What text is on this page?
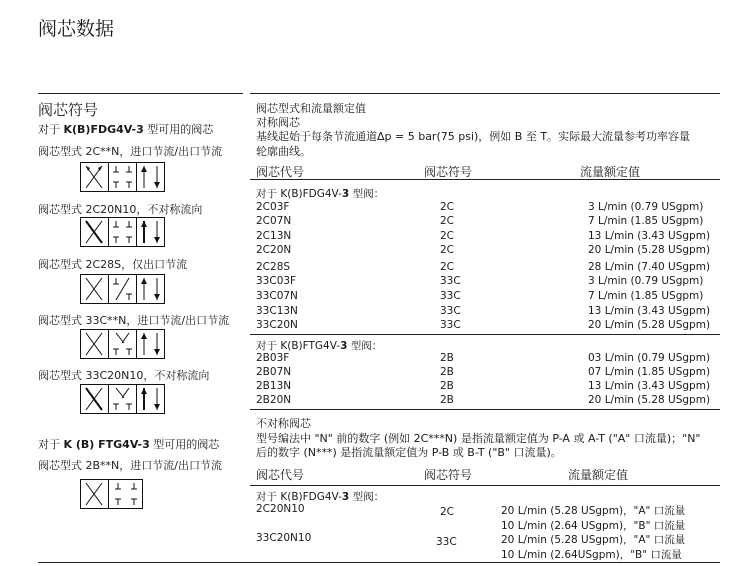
阀芯数据
阀芯符号
对于 K(B)FDG4V-3 型可用的阀芯
阀芯型式 2C**N，进口节流/出口节流
阀芯型式 2C20N10，不对称流向
阀芯型式 2C28S，仅出口节流
阀芯型式 33C**N，进口节流/出口节流
阀芯型式 33C20N10，不对称流向
对于 K (B) FTG4V-3 型可用的阀芯
阀芯型式 2B**N，进口节流/出口节流
阀芯型式和流量额定值
对称阀芯
基线起始于每条节流通道Δp = 5 bar(75 psi)，例如 B 至 T。实际最大流量参考功率容量
轮廓曲线。
阀芯代号	阀芯符号	流量额定值
对于 K(B)FDG4V-3 型阀：
2C03F	2C	3 L/min (0.79 USgpm)
2C07N	2C	7 L/min (1.85 USgpm)
2C13N	2C	13 L/min (3.43 USgpm)
2C20N	2C	20 L/min (5.28 USgpm)
2C28S	2C	28 L/min (7.40 USgpm)
33C03F	33C	3 L/min (0.79 USgpm)
33C07N	33C	7 L/min (1.85 USgpm)
33C13N	33C	13 L/min (3.43 USgpm)
33C20N	33C	20 L/min (5.28 USgpm)
对于 K(B)FTG4V-3 型阀：
2B03F	2B	03 L/min (0.79 USgpm)
2B07N	2B	07 L/min (1.85 USgpm)
2B13N	2B	13 L/min (3.43 USgpm)
2B20N	2B	20 L/min (5.28 USgpm)
不对称阀芯
型号编法中 "N" 前的数字 (例如 2C***N) 是指流量额定值为 P-A 或 A-T ("A" 口流量)；"N"
后的数字 (N***) 是指流量额定值为 P-B 或 B-T ("B" 口流量)。
阀芯代号	阀芯符号	流量额定值
对于 K(B)FDG4V-3 型阀：
2C20N10	2C	20 L/min (5.28 USgpm)，"A" 口流量
10 L/min (2.64 USgpm)，"B" 口流量
33C20N10	33C	20 L/min (5.28 USgpm)，"A" 口流量
10 L/min (2.64USgpm)，"B" 口流量
